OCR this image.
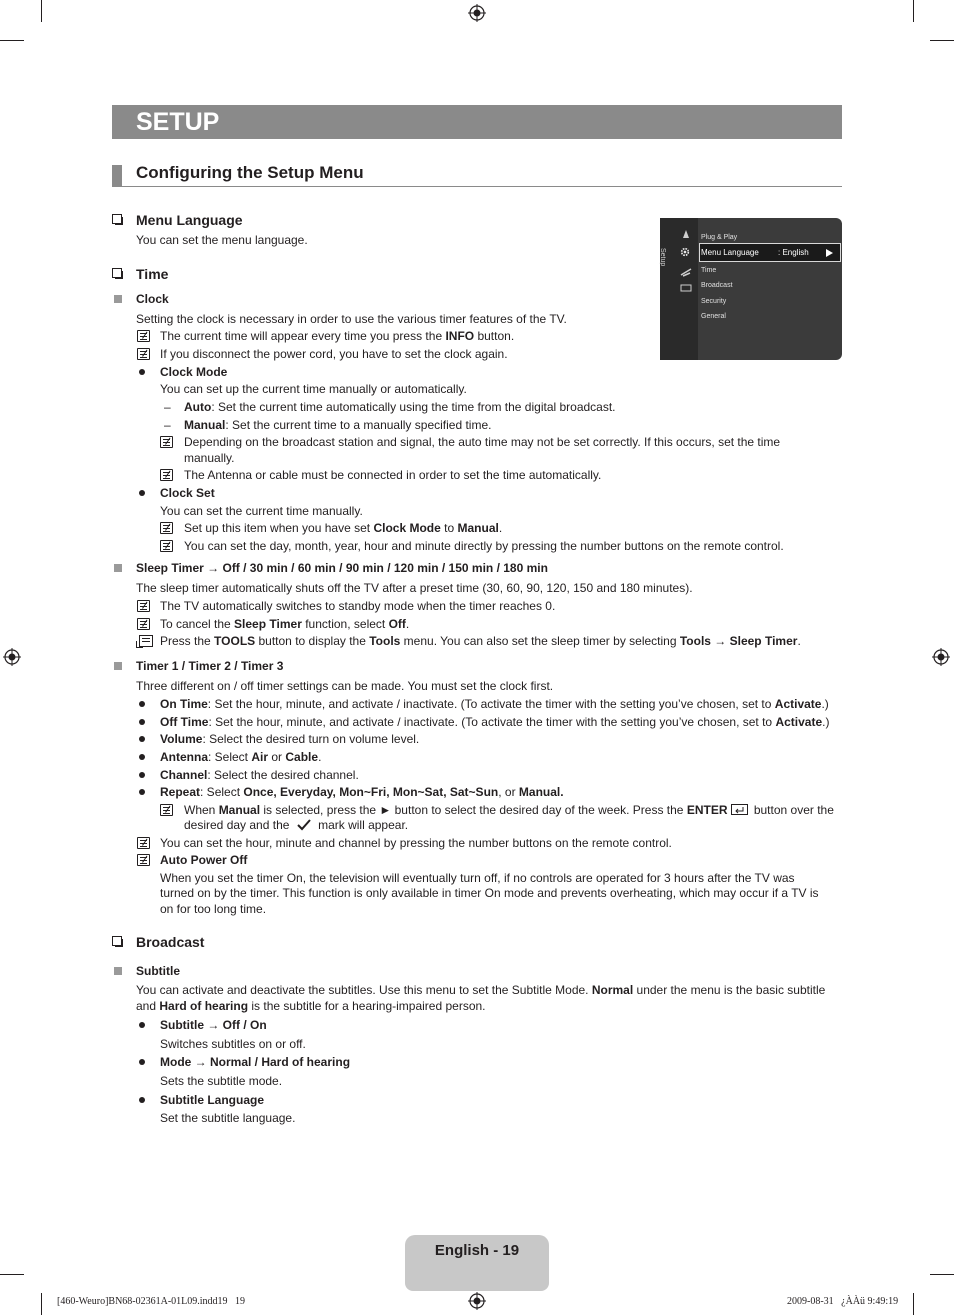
SETUP
Configuring the Setup Menu
Menu Language
You can set the menu language.
Setup
Plug & Play
Menu Language : English
Time
Broadcast
Security
General
Time
Clock
Setting the clock is necessary in order to use the various timer features of the TV.
The current time will appear every time you press the INFO button.
If you disconnect the power cord, you have to set the clock again.
Clock Mode
You can set up the current time manually or automatically.
– Auto: Set the current time automatically using the time from the digital broadcast.
– Manual: Set the current time to a manually specified time.
Depending on the broadcast station and signal, the auto time may not be set correctly. If this occurs, set the time
manually.
The Antenna or cable must be connected in order to set the time automatically.
Clock Set
You can set the current time manually.
Set up this item when you have set Clock Mode to Manual.
You can set the day, month, year, hour and minute directly by pressing the number buttons on the remote control.
Sleep Timer → Off / 30 min / 60 min / 90 min / 120 min / 150 min / 180 min
The sleep timer automatically shuts off the TV after a preset time (30, 60, 90, 120, 150 and 180 minutes).
The TV automatically switches to standby mode when the timer reaches 0.
To cancel the Sleep Timer function, select Off.
Press the TOOLS button to display the Tools menu. You can also set the sleep timer by selecting Tools → Sleep Timer.
Timer 1 / Timer 2 / Timer 3
Three different on / off timer settings can be made. You must set the clock first.
On Time: Set the hour, minute, and activate / inactivate. (To activate the timer with the setting you’ve chosen, set to Activate.)
Off Time: Set the hour, minute, and activate / inactivate. (To activate the timer with the setting you’ve chosen, set to Activate.)
Volume: Select the desired turn on volume level.
Antenna: Select Air or Cable.
Channel: Select the desired channel.
Repeat: Select Once, Everyday, Mon~Fri, Mon~Sat, Sat~Sun, or Manual.
When Manual is selected, press the ► button to select the desired day of the week. Press the ENTER button over the
desired day and the  mark will appear.
You can set the hour, minute and channel by pressing the number buttons on the remote control.
Auto Power Off
When you set the timer On, the television will eventually turn off, if no controls are operated for 3 hours after the TV was
turned on by the timer. This function is only available in timer On mode and prevents overheating, which may occur if a TV is
on for too long time.
Broadcast
Subtitle
You can activate and deactivate the subtitles. Use this menu to set the Subtitle Mode. Normal under the menu is the basic subtitle
and Hard of hearing is the subtitle for a hearing-impaired person.
Subtitle → Off / On
Switches subtitles on or off.
Mode → Normal / Hard of hearing
Sets the subtitle mode.
Subtitle Language
Set the subtitle language.
English - 19
[460-Weuro]BN68-02361A-01L09.indd19   19	2009-08-31   ¿ÀÀü 9:49:19
